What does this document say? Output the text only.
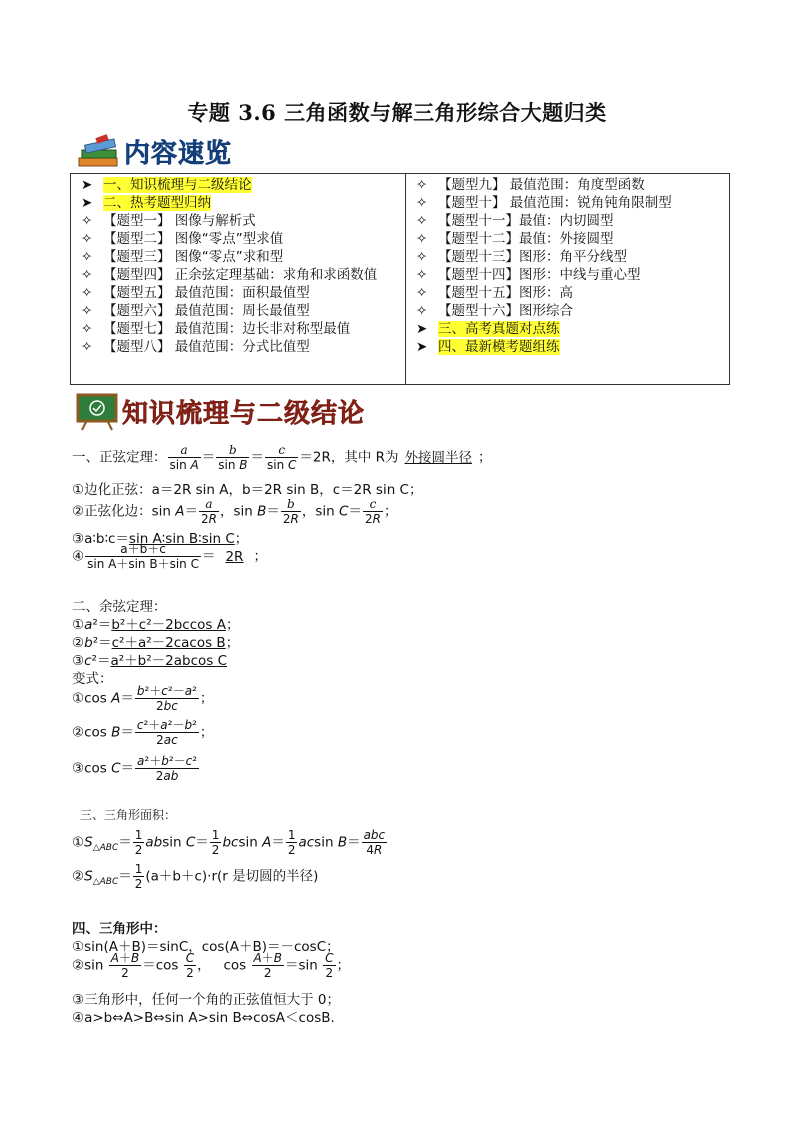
专题 3.6 三角函数与解三角形综合大题归类
内容速览
➤ 一、知识梳理与二级结论
➤ 二、热考题型归纳
✧ 【题型一】 图像与解析式
✧ 【题型二】 图像“零点”型求值
✧ 【题型三】 图像“零点”求和型
✧ 【题型四】 正余弦定理基础：求角和求函数值
✧ 【题型五】 最值范围：面积最值型
✧ 【题型六】 最值范围：周长最值型
✧ 【题型七】 最值范围：边长非对称型最值
✧ 【题型八】 最值范围：分式比值型

✧ 【题型九】 最值范围：角度型函数
✧ 【题型十】 最值范围：锐角钝角限制型
✧ 【题型十一】最值：内切圆型
✧ 【题型十二】最值：外接圆型
✧ 【题型十三】图形：角平分线型
✧ 【题型十四】图形：中线与重心型
✧ 【题型十五】图形：高
✧ 【题型十六】图形综合
➤ 三、高考真题对点练
➤ 四、最新模考题组练
知识梳理与二级结论
一、正弦定理： $\frac{a}{\text{sin A}} = \frac{b}{\text{sin B}} = \frac{c}{\text{sin C}} =2R$，其中 R为 外接圆半径 ；
①边化正弦：a＝2R sin A，b＝2R sin B，c＝2R sin C；
②正弦化边：$\sin A= \frac{a}{2R}$ ，$\sin B= \frac{b}{2R}$ ，$\sin C= \frac{c}{2R}$ ；
③a∶b∶c＝sin A∶sin B∶sin C；
④ $\frac{a+b+c}{\text{sin A＋sin B＋sin C}} = 2R$ ；
二、余弦定理：
①a²＝b²＋c²－2bccos A；
②b²＝c²＋a²－2cacos B；
③c²＝a²＋b²－2abcos C
变式：
①cos $A= \frac{\text{b²＋c²－a²}}{2bc}$ ；
②cos $B= \frac{\text{c²＋a²－b²}}{2ac}$ ；
③cos $C= \frac{\text{a²＋b²－c²}}{2ab}$
三、三角形面积：
$①S_{\triangle ABC}= \frac{1}{2}$ absin $C= \frac{1}{2}$ bcsin $A= \frac{1}{2}$ acsin $B= \frac{\text{abc}}{4R}$
$②S_{\triangle ABC}= \frac{1}{2} (a+b+c)\cdot r(r$ 是切圆的半径)
四、三角形中：
①sin(A＋B)＝sinC，cos(A＋B)＝－cosC；
②sin $\frac{A+B}{2} =\cos \frac{C}{2}$ ，   $\cos \frac{A+B}{2} =\sin \frac{C}{2}$ ；
③三角形中，任何一个角的正弦值恒大于 0；
④a>b⇔A>B⇔sin A>sin B⇔cosA＜cosB.
